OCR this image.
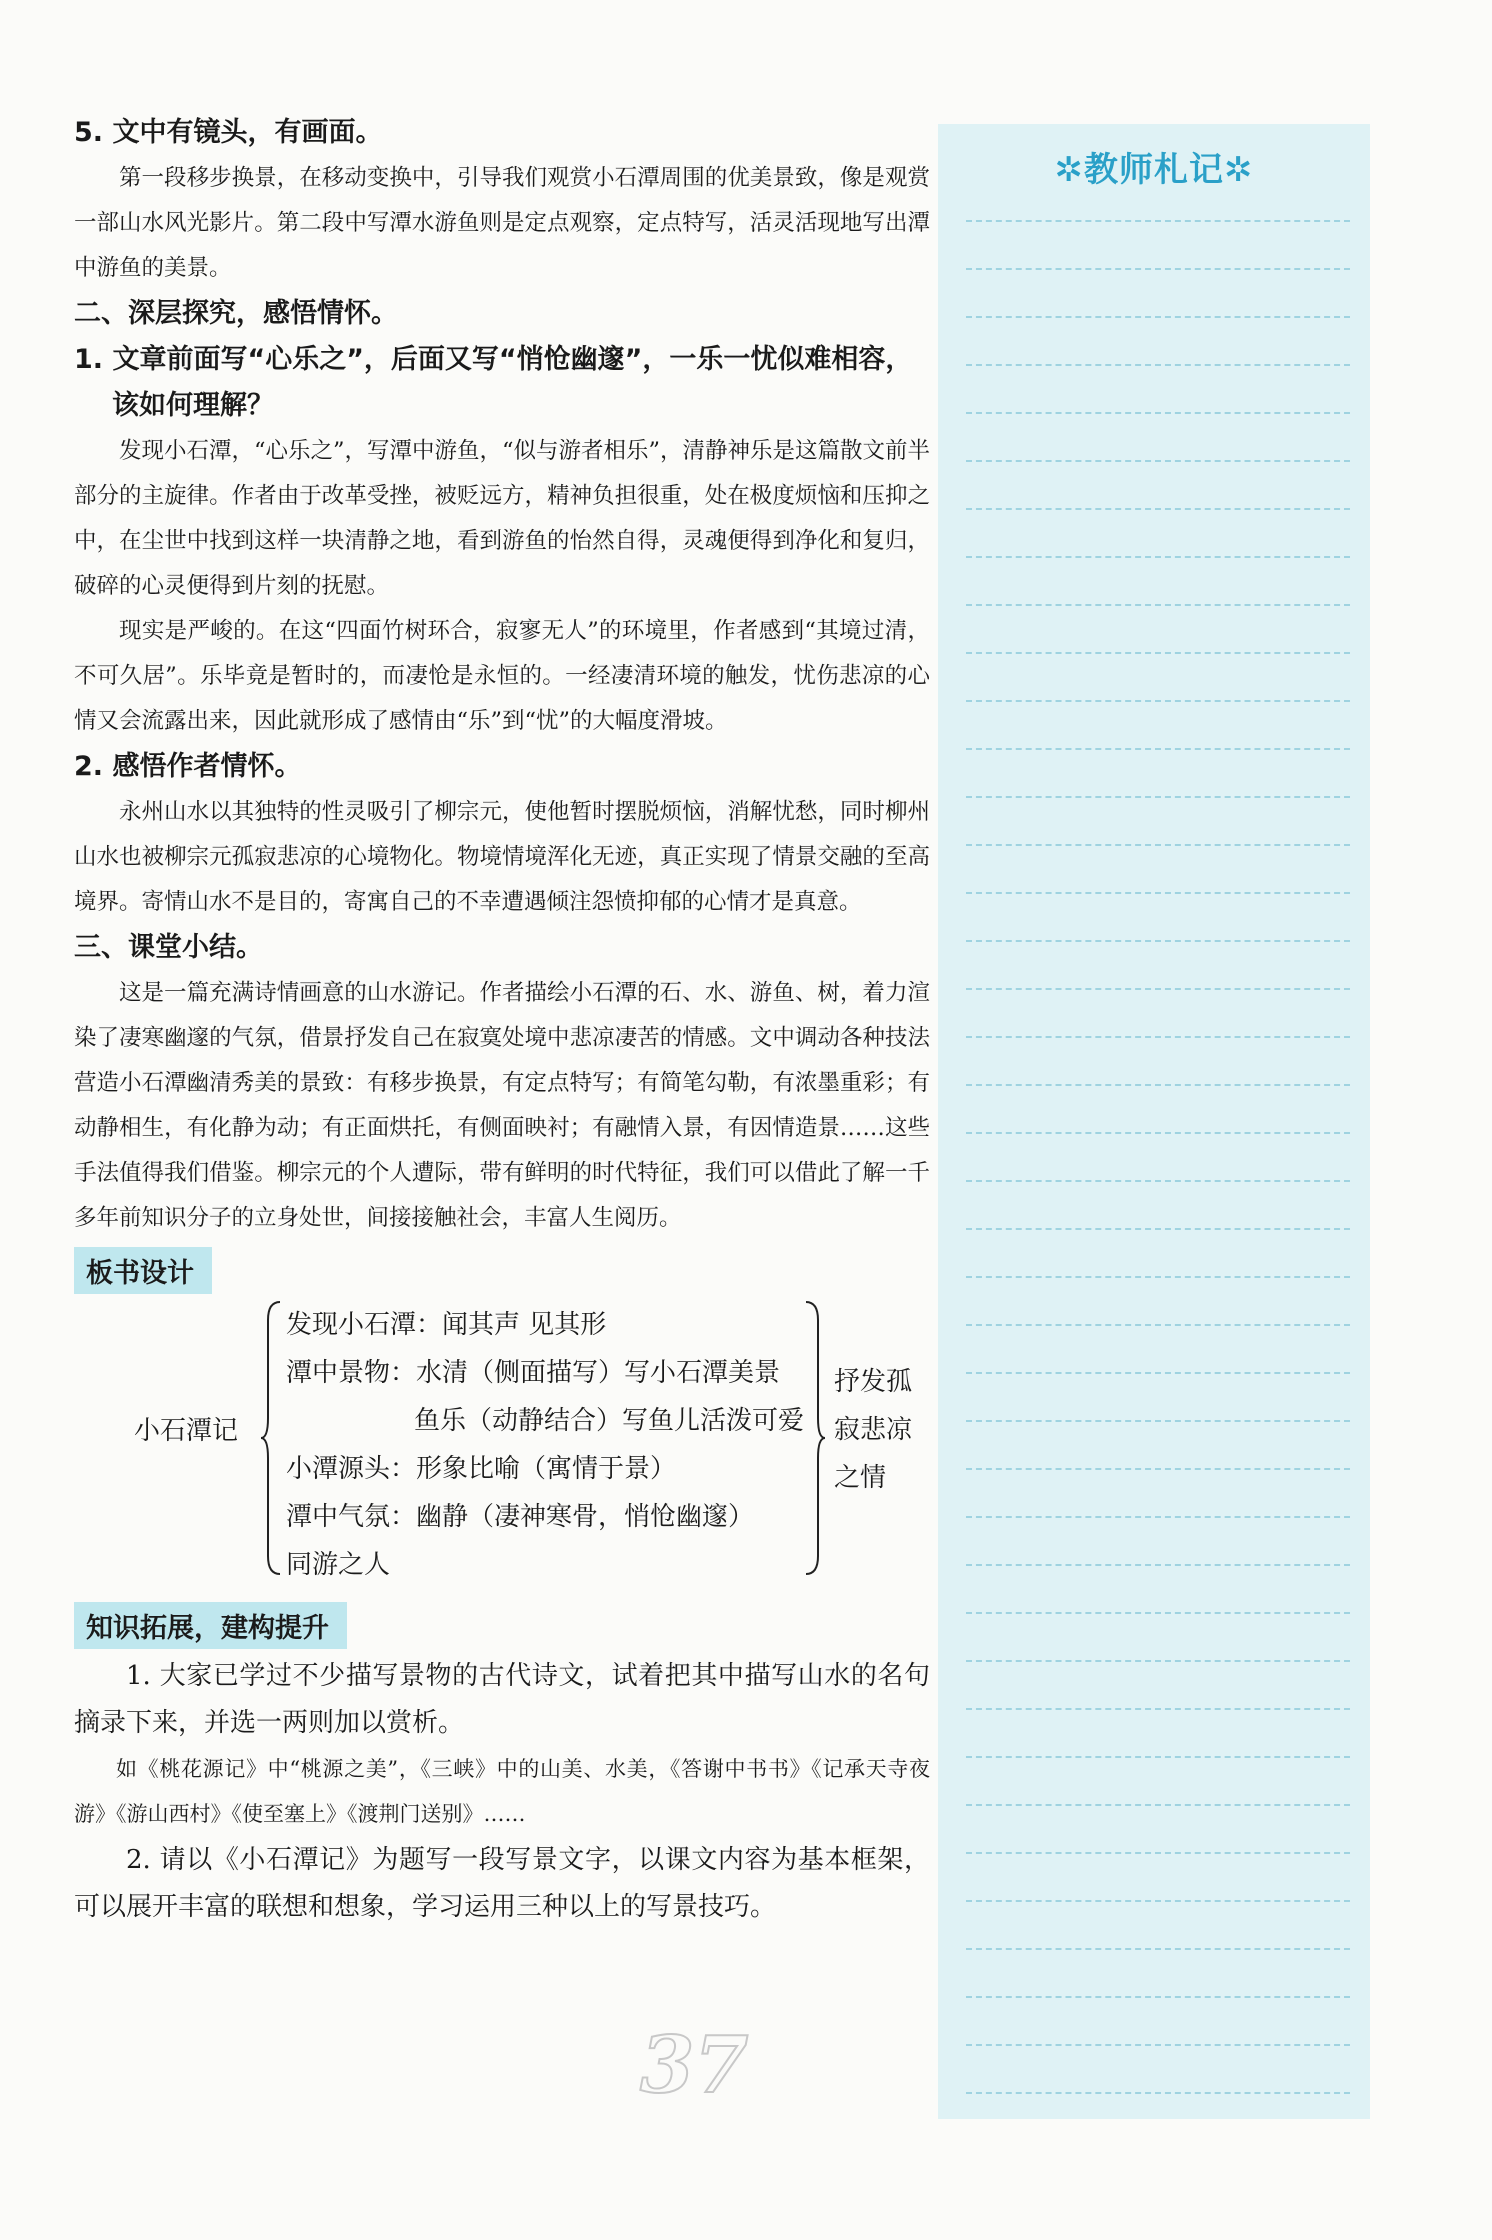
5. 文中有镜头，有画面。

第一段移步换景，在移动变换中，引导我们观赏小石潭周围的优美景致，像是观赏一部山水风光影片。第二段中写潭水游鱼则是定点观察，定点特写，活灵活现地写出潭中游鱼的美景。

二、深层探究，感悟情怀。

1. 文章前面写“心乐之”，后面又写“悄怆幽邃”，一乐一忧似难相容，该如何理解？

发现小石潭，“心乐之”，写潭中游鱼，“似与游者相乐”，清静神乐是这篇散文前半部分的主旋律。作者由于改革受挫，被贬远方，精神负担很重，处在极度烦恼和压抑之中，在尘世中找到这样一块清静之地，看到游鱼的怡然自得，灵魂便得到净化和复归，破碎的心灵便得到片刻的抚慰。

现实是严峻的。在这“四面竹树环合，寂寥无人”的环境里，作者感到“其境过清，不可久居”。乐毕竟是暂时的，而凄怆是永恒的。一经凄清环境的触发，忧伤悲凉的心情又会流露出来，因此就形成了感情由“乐”到“忧”的大幅度滑坡。

2. 感悟作者情怀。

永州山水以其独特的性灵吸引了柳宗元，使他暂时摆脱烦恼，消解忧愁，同时柳州山水也被柳宗元孤寂悲凉的心境物化。物境情境浑化无迹，真正实现了情景交融的至高境界。寄情山水不是目的，寄寓自己的不幸遭遇倾注怨愤抑郁的心情才是真意。

三、课堂小结。

这是一篇充满诗情画意的山水游记。作者描绘小石潭的石、水、游鱼、树，着力渲染了凄寒幽邃的气氛，借景抒发自己在寂寞处境中悲凉凄苦的情感。文中调动各种技法营造小石潭幽清秀美的景致：有移步换景，有定点特写；有简笔勾勒，有浓墨重彩；有动静相生，有化静为动；有正面烘托，有侧面映衬；有融情入景，有因情造景……这些手法值得我们借鉴。柳宗元的个人遭际，带有鲜明的时代特征，我们可以借此了解一千多年前知识分子的立身处世，间接接触社会，丰富人生阅历。

板书设计
小石潭记
发现小石潭：闻其声 见其形
潭中景物：水清（侧面描写）写小石潭美景
鱼乐（动静结合）写鱼儿活泼可爱
小潭源头：形象比喻（寓情于景）
潭中气氛：幽静（凄神寒骨，悄怆幽邃）
同游之人
抒发孤寂悲凉之情
知识拓展，建构提升

1. 大家已学过不少描写景物的古代诗文，试着把其中描写山水的名句摘录下来，并选一两则加以赏析。

如《桃花源记》中“桃源之美”，《三峡》中的山美、水美，《答谢中书书》《记承天寺夜游》《游山西村》《使至塞上》《渡荆门送别》……

2. 请以《小石潭记》为题写一段写景文字，以课文内容为基本框架，可以展开丰富的联想和想象，学习运用三种以上的写景技巧。

✲教师札记✲
37
